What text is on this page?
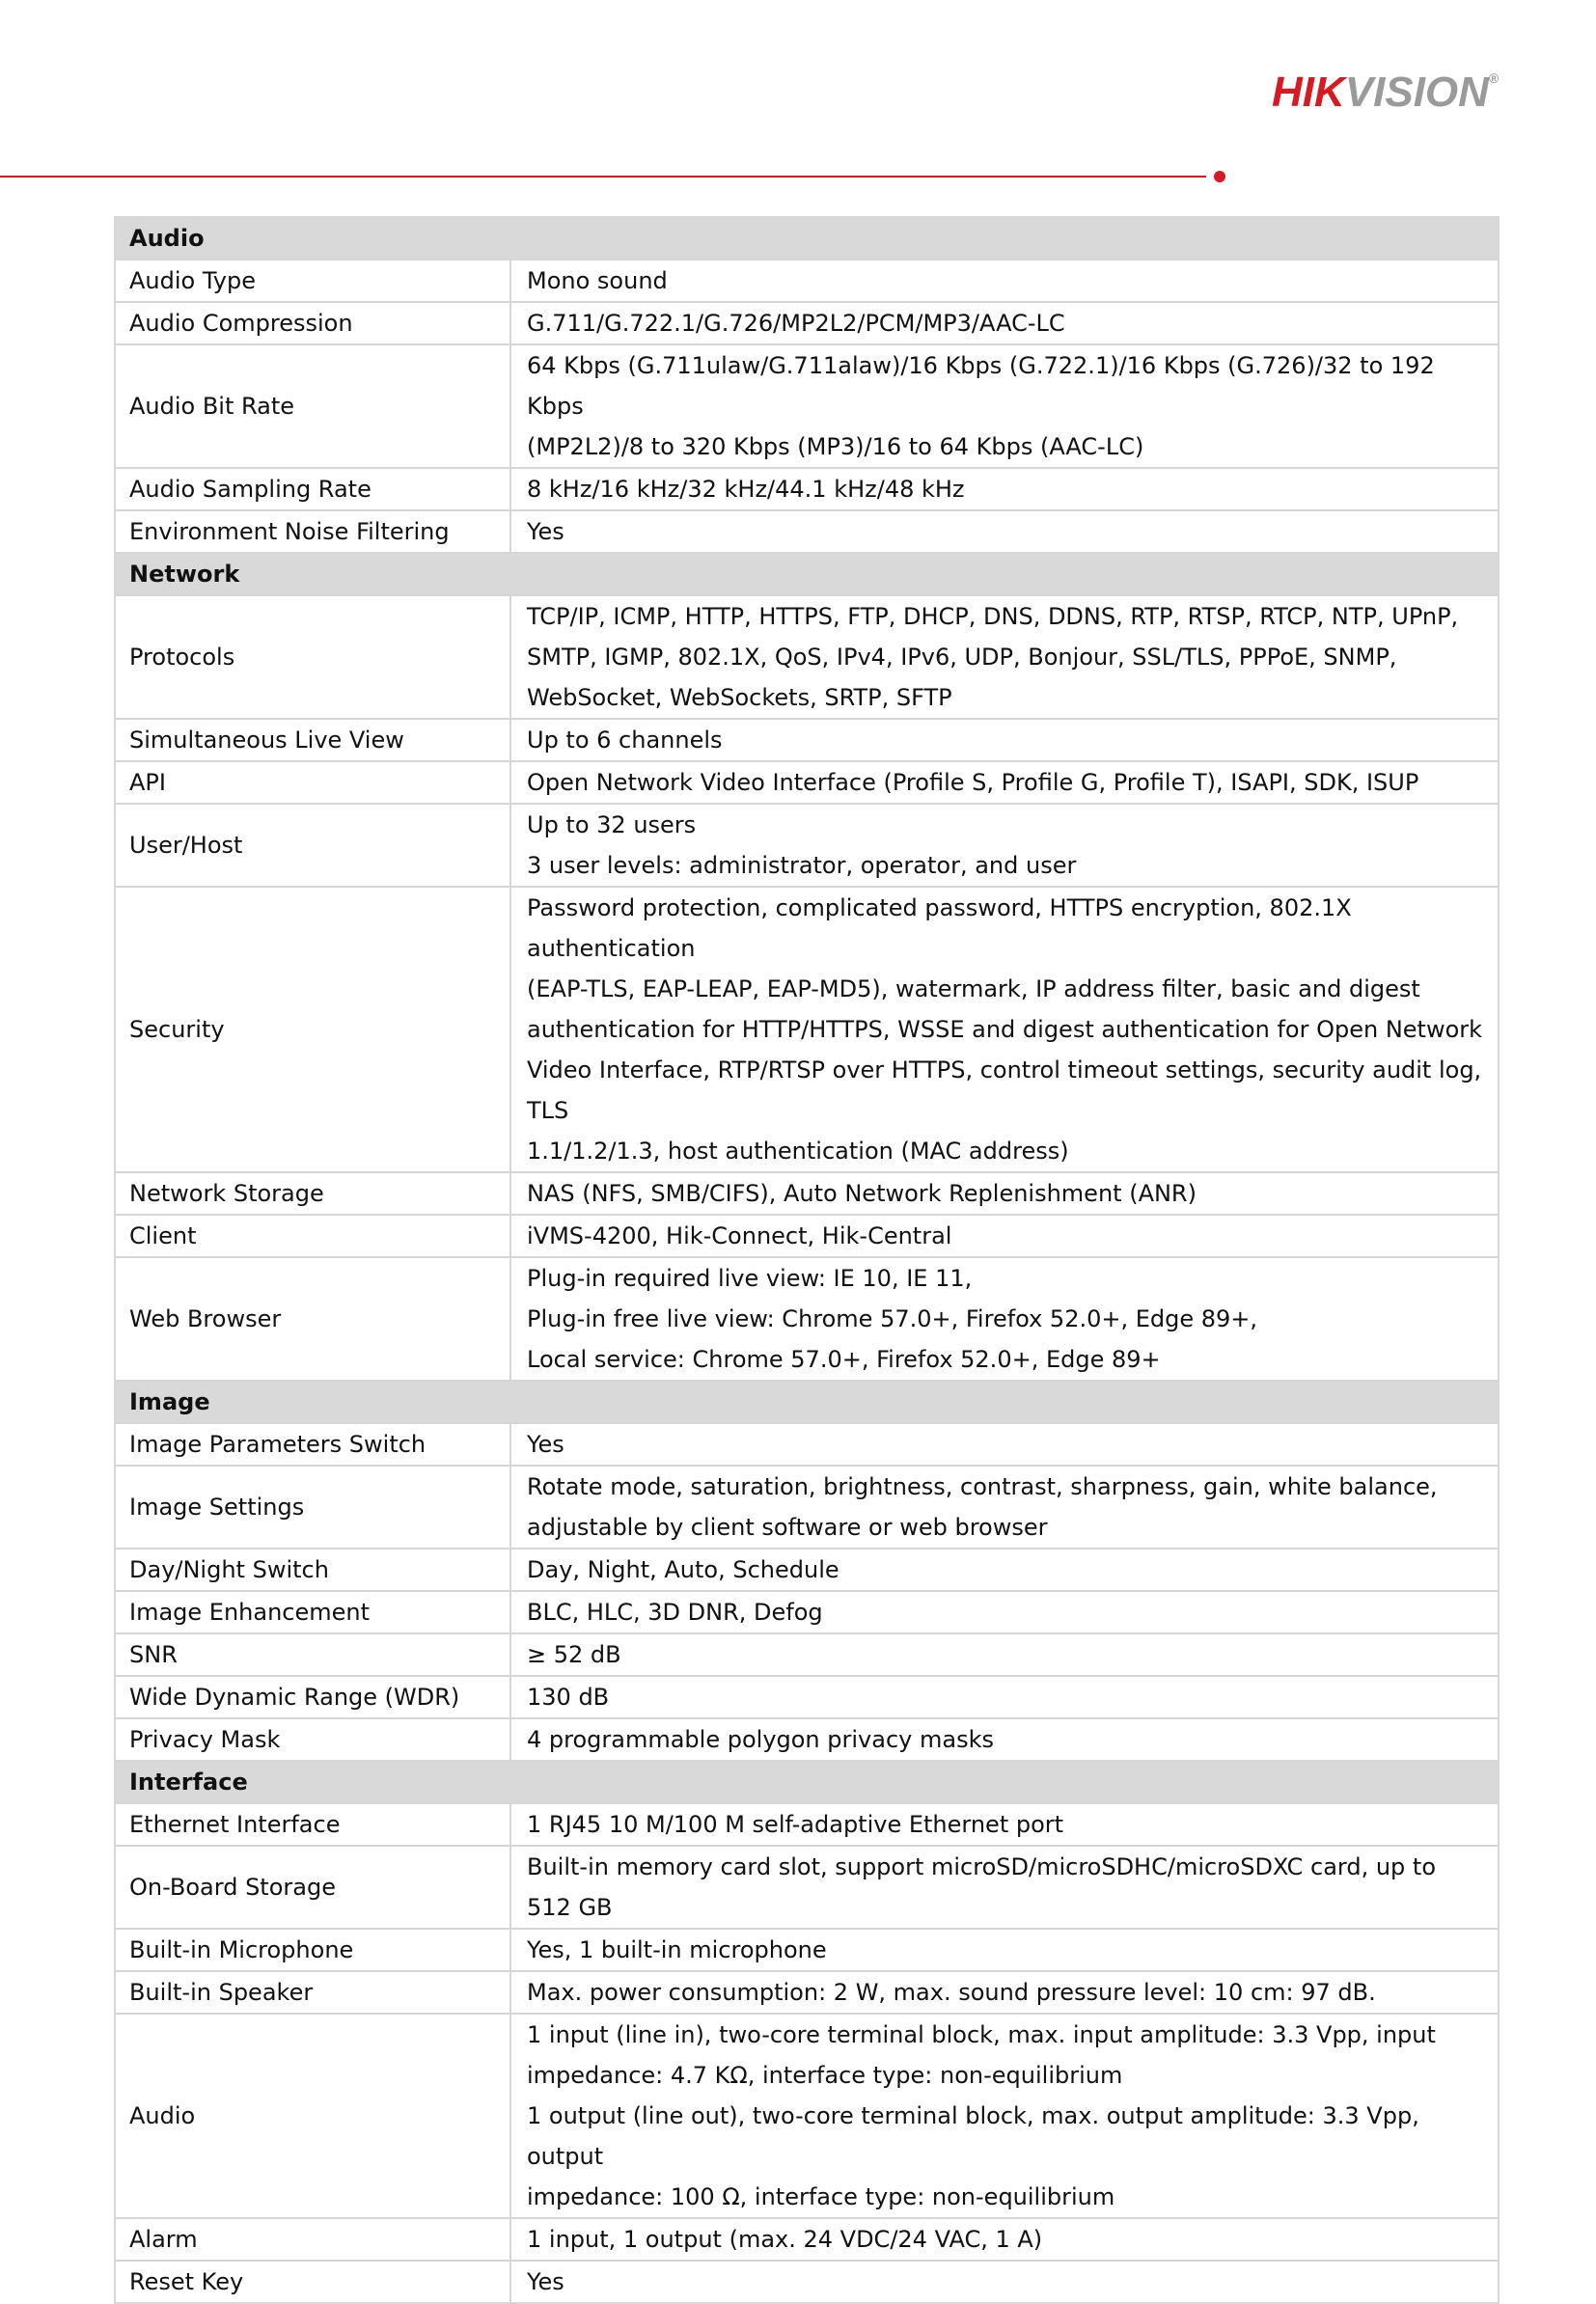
HIKVISION®
Audio	
Audio Type	Mono sound

Audio Compression	G.711/G.722.1/G.726/MP2L2/PCM/MP3/AAC-LC

Audio Bit Rate	64 Kbps (G.711ulaw/G.711alaw)/16 Kbps (G.722.1)/16 Kbps (G.726)/32 to 192 Kbps
(MP2L2)/8 to 320 Kbps (MP3)/16 to 64 Kbps (AAC-LC)

Audio Sampling Rate	8 kHz/16 kHz/32 kHz/44.1 kHz/48 kHz

Environment Noise Filtering	Yes

Network	
Protocols	TCP/IP, ICMP, HTTP, HTTPS, FTP, DHCP, DNS, DDNS, RTP, RTSP, RTCP, NTP, UPnP,
SMTP, IGMP, 802.1X, QoS, IPv4, IPv6, UDP, Bonjour, SSL/TLS, PPPoE, SNMP,
WebSocket, WebSockets, SRTP, SFTP

Simultaneous Live View	Up to 6 channels

API	Open Network Video Interface (Profile S, Profile G, Profile T), ISAPI, SDK, ISUP

User/Host	Up to 32 users
3 user levels: administrator, operator, and user

Security	Password protection, complicated password, HTTPS encryption, 802.1X authentication
(EAP-TLS, EAP-LEAP, EAP-MD5), watermark, IP address filter, basic and digest
authentication for HTTP/HTTPS, WSSE and digest authentication for Open Network
Video Interface, RTP/RTSP over HTTPS, control timeout settings, security audit log, TLS
1.1/1.2/1.3, host authentication (MAC address)

Network Storage	NAS (NFS, SMB/CIFS), Auto Network Replenishment (ANR)

Client	iVMS-4200, Hik-Connect, Hik-Central

Web Browser	Plug-in required live view: IE 10, IE 11,
Plug-in free live view: Chrome 57.0+, Firefox 52.0+, Edge 89+,
Local service: Chrome 57.0+, Firefox 52.0+, Edge 89+

Image	
Image Parameters Switch	Yes

Image Settings	Rotate mode, saturation, brightness, contrast, sharpness, gain, white balance,
adjustable by client software or web browser

Day/Night Switch	Day, Night, Auto, Schedule

Image Enhancement	BLC, HLC, 3D DNR, Defog

SNR	≥ 52 dB

Wide Dynamic Range (WDR)	130 dB

Privacy Mask	4 programmable polygon privacy masks

Interface	
Ethernet Interface	1 RJ45 10 M/100 M self-adaptive Ethernet port

On-Board Storage	Built-in memory card slot, support microSD/microSDHC/microSDXC card, up to 512 GB

Built-in Microphone	Yes, 1 built-in microphone

Built-in Speaker	Max. power consumption: 2 W, max. sound pressure level: 10 cm: 97 dB.

Audio	1 input (line in), two-core terminal block, max. input amplitude: 3.3 Vpp, input
impedance: 4.7 KΩ, interface type: non-equilibrium
1 output (line out), two-core terminal block, max. output amplitude: 3.3 Vpp, output
impedance: 100 Ω, interface type: non-equilibrium

Alarm	1 input, 1 output (max. 24 VDC/24 VAC, 1 A)

Reset Key	Yes
